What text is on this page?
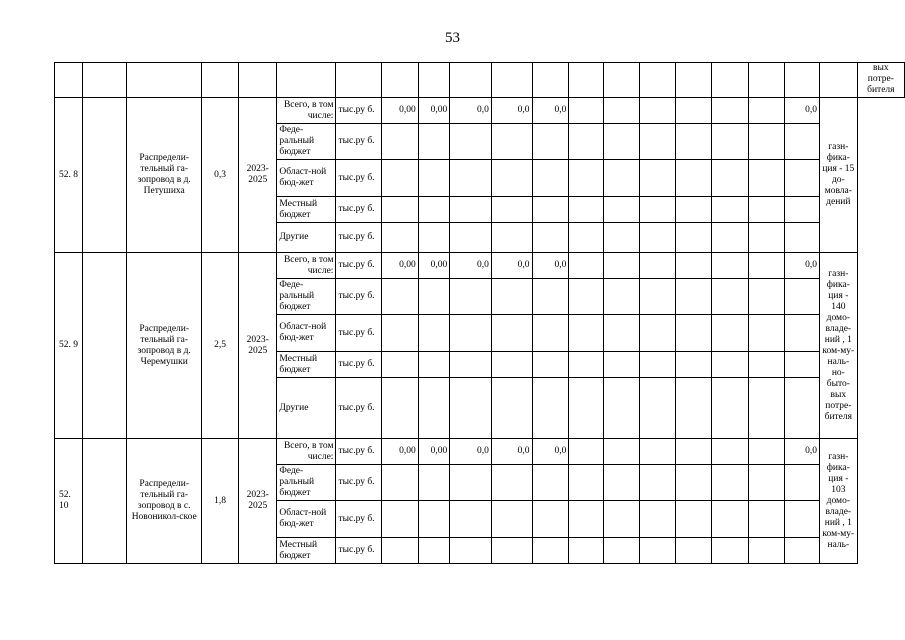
53
																				вых потре-бителя
52. 8		Распредели-тельный га-зопровод в д. Петушиха	0,3	2023-2025	Всего, в том числе:	тыс.ру б.	0,00	0,00	0,0	0,0	0,0							0,0	газн-фика-ция - 15 до-мовла-дений	
					Феде-ральный бюджет	тыс.ру б.														
					Област-ной бюд-жет	тыс.ру б.														
					Местный бюджет	тыс.ру б.														
					Другие	тыс.ру б.														
52. 9		Распредели-тельный га-зопровод в д. Черемушки	2,5	2023-2025	Всего, в том числе:	тыс.ру б.	0,00	0,00	0,0	0,0	0,0							0,0	газн-фика-ция - 140 домо-владе-ний , 1 ком-му-наль-но-быто-вых потре-бителя	
					Феде-ральный бюджет	тыс.ру б.														
					Област-ной бюд-жет	тыс.ру б.														
					Местный бюджет	тыс.ру б.														
					Другие	тыс.ру б.														
52. 10		Распредели-тельный га-зопровод в с. Новоникол-ское	1,8	2023-2025	Всего, в том числе:	тыс.ру б.	0,00	0,00	0,0	0,0	0,0							0,0	газн-фика-ция - 103 домо-владе-ний , 1 ком-му-наль-	
					Феде-ральный бюджет	тыс.ру б.														
					Област-ной бюд-жет	тыс.ру б.														
					Местный бюджет	тыс.ру б.														
